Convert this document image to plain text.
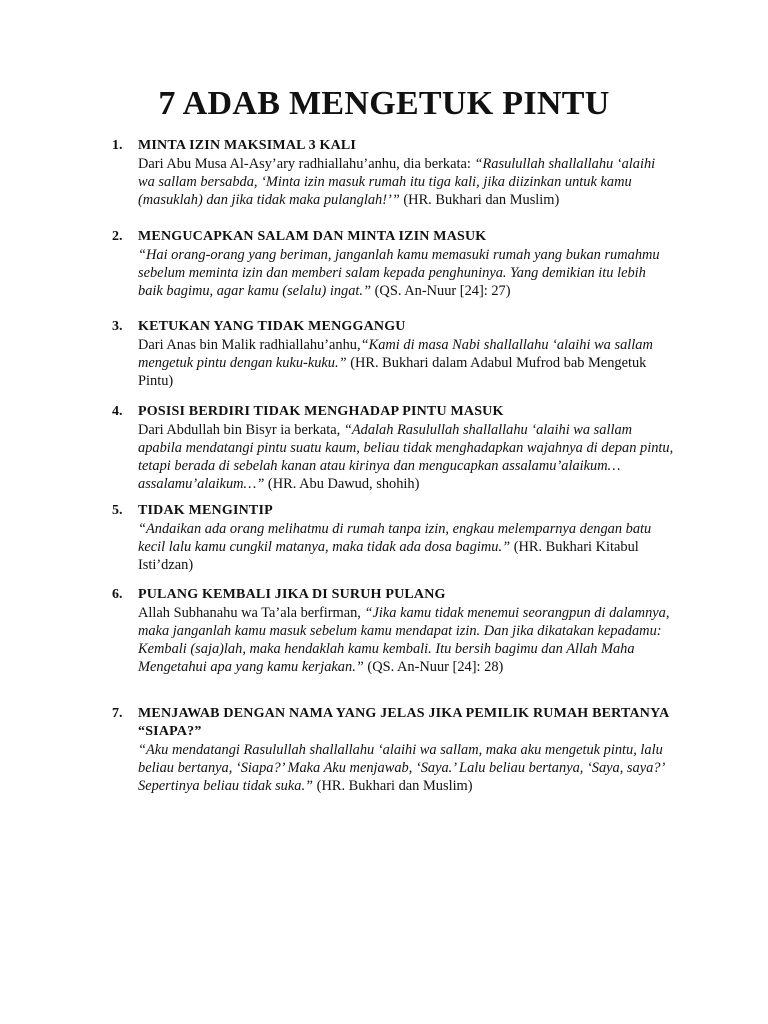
7 ADAB MENGETUK PINTU
1.	MINTA IZIN MAKSIMAL 3 KALI
Dari Abu Musa Al-Asy’ary radhiallahu’anhu, dia berkata: “Rasulullah shallallahu ‘alaihi wa sallam bersabda, ‘Minta izin masuk rumah itu tiga kali, jika diizinkan untuk kamu (masuklah) dan jika tidak maka pulanglah!’” (HR. Bukhari dan Muslim)
2.	MENGUCAPKAN SALAM DAN MINTA IZIN MASUK
“Hai orang-orang yang beriman, janganlah kamu memasuki rumah yang bukan rumahmu sebelum meminta izin dan memberi salam kepada penghuninya. Yang demikian itu lebih baik bagimu, agar kamu (selalu) ingat.” (QS. An-Nuur [24]: 27)
3.	KETUKAN YANG TIDAK MENGGANGU
Dari Anas bin Malik radhiallahu’anhu,“Kami di masa Nabi shallallahu ‘alaihi wa sallam mengetuk pintu dengan kuku-kuku.” (HR. Bukhari dalam Adabul Mufrod bab Mengetuk Pintu)
4.	POSISI BERDIRI TIDAK MENGHADAP PINTU MASUK
Dari Abdullah bin Bisyr ia berkata, “Adalah Rasulullah shallallahu ‘alaihi wa sallam apabila mendatangi pintu suatu kaum, beliau tidak menghadapkan wajahnya di depan pintu, tetapi berada di sebelah kanan atau kirinya dan mengucapkan assalamu’alaikum… assalamu’alaikum…” (HR. Abu Dawud, shohih)
5.	TIDAK MENGINTIP
“Andaikan ada orang melihatmu di rumah tanpa izin, engkau melemparnya dengan batu kecil lalu kamu cungkil matanya, maka tidak ada dosa bagimu.” (HR. Bukhari Kitabul Isti’dzan)
6.	PULANG KEMBALI JIKA DI SURUH PULANG
Allah Subhanahu wa Ta’ala berfirman, “Jika kamu tidak menemui seorangpun di dalamnya, maka janganlah kamu masuk sebelum kamu mendapat izin. Dan jika dikatakan kepadamu: Kembali (saja)lah, maka hendaklah kamu kembali. Itu bersih bagimu dan Allah Maha Mengetahui apa yang kamu kerjakan.” (QS. An-Nuur [24]: 28)
7.	MENJAWAB DENGAN NAMA YANG JELAS JIKA PEMILIK RUMAH BERTANYA “SIAPA?”
“Aku mendatangi Rasulullah shallallahu ‘alaihi wa sallam, maka aku mengetuk pintu, lalu beliau bertanya, ‘Siapa?’ Maka Aku menjawab, ‘Saya.’ Lalu beliau bertanya, ‘Saya, saya?’ Sepertinya beliau tidak suka.” (HR. Bukhari dan Muslim)
